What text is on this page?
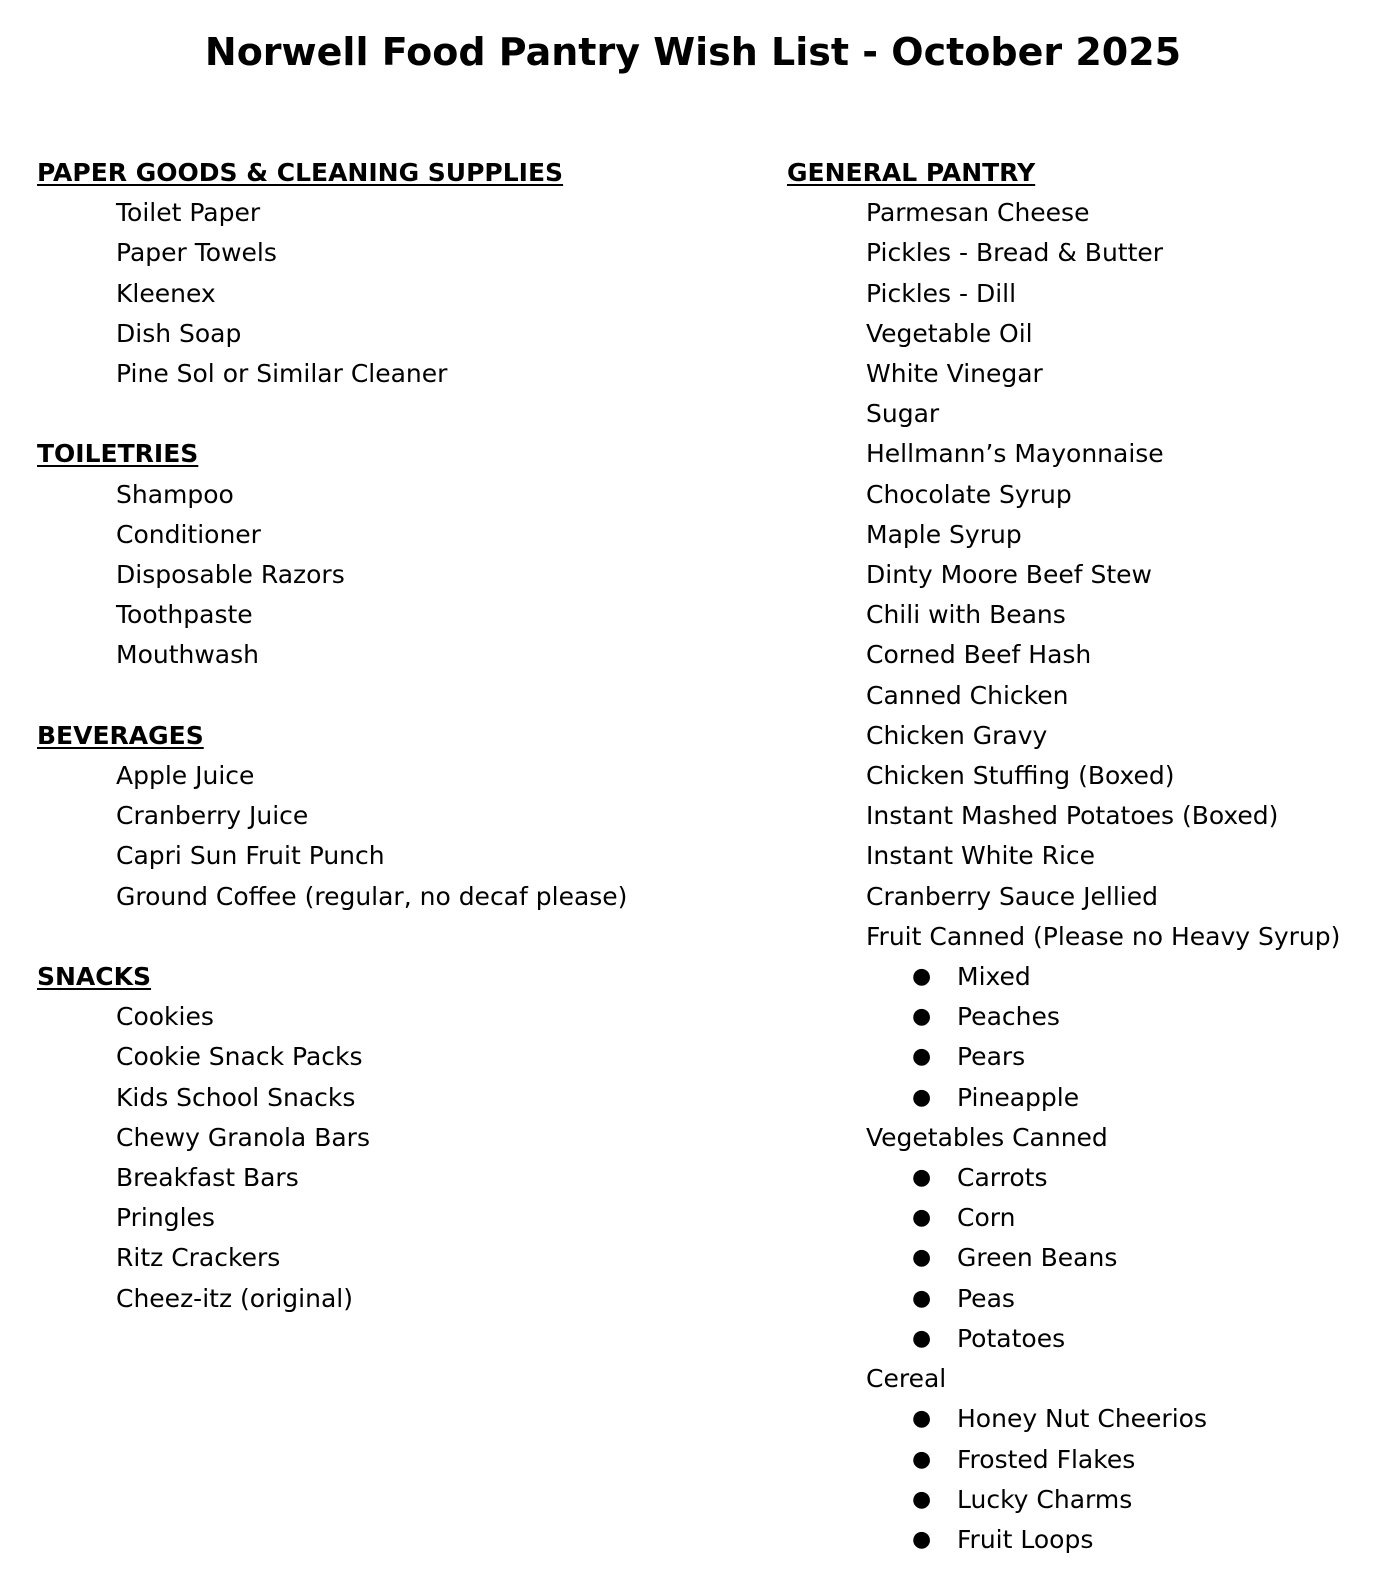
Norwell Food Pantry Wish List - October 2025
PAPER GOODS & CLEANING SUPPLIES
Toilet Paper
Paper Towels
Kleenex
Dish Soap
Pine Sol or Similar Cleaner
TOILETRIES
Shampoo
Conditioner
Disposable Razors
Toothpaste
Mouthwash
BEVERAGES
Apple Juice
Cranberry Juice
Capri Sun Fruit Punch
Ground Coffee (regular, no decaf please)
SNACKS
Cookies
Cookie Snack Packs
Kids School Snacks
Chewy Granola Bars
Breakfast Bars
Pringles
Ritz Crackers
Cheez-itz (original)
GENERAL PANTRY
Parmesan Cheese
Pickles - Bread & Butter
Pickles - Dill
Vegetable Oil
White Vinegar
Sugar
Hellmann’s Mayonnaise
Chocolate Syrup
Maple Syrup
Dinty Moore Beef Stew
Chili with Beans
Corned Beef Hash
Canned Chicken
Chicken Gravy
Chicken Stuffing (Boxed)
Instant Mashed Potatoes (Boxed)
Instant White Rice
Cranberry Sauce Jellied
Fruit Canned (Please no Heavy Syrup)
● Mixed
● Peaches
● Pears
● Pineapple
Vegetables Canned
● Carrots
● Corn
● Green Beans
● Peas
● Potatoes
Cereal
● Honey Nut Cheerios
● Frosted Flakes
● Lucky Charms
● Fruit Loops
